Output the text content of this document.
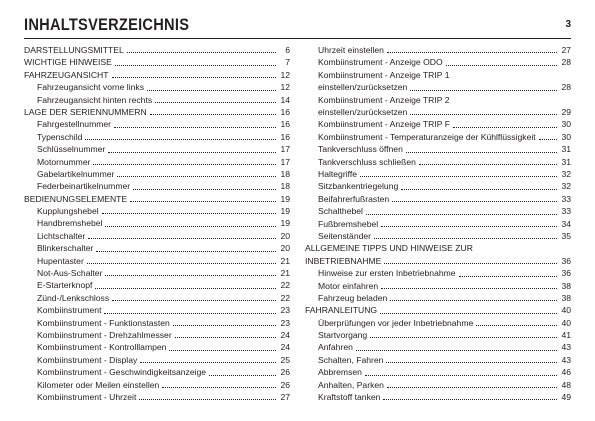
INHALTSVERZEICHNIS	3
DARSTELLUNGSMITTEL	6
WICHTIGE HINWEISE	7
FAHRZEUGANSICHT	12
Fahrzeugansicht vorne links	12
Fahrzeugansicht hinten rechts	14
LAGE DER SERIENNUMMERN	16
Fahrgestellnummer	16
Typenschild	16
Schlüsselnummer	17
Motornummer	17
Gabelartikelnummer	18
Federbeinartikelnummer	18
BEDIENUNGSELEMENTE	19
Kupplungshebel	19
Handbremshebel	19
Lichtschalter	20
Blinkerschalter	20
Hupentaster	21
Not-Aus-Schalter	21
E-Starterknopf	22
Zünd-/Lenkschloss	22
Kombiinstrument	23
Kombiinstrument - Funktionstasten	23
Kombiinstrument - Drehzahlmesser	24
Kombiinstrument - Kontrolllampen	24
Kombiinstrument - Display	25
Kombiinstrument - Geschwindigkeitsanzeige	26
Kilometer oder Meilen einstellen	26
Kombiinstrument - Uhrzeit	27
Uhrzeit einstellen	27
Kombiinstrument - Anzeige ODO	28
Kombiinstrument - Anzeige TRIP 1
einstellen/zurücksetzen	28
Kombiinstrument - Anzeige TRIP 2
einstellen/zurücksetzen	29
Kombiinstrument - Anzeige TRIP F	30
Kombiinstrument - Temperaturanzeige der Kühlflüssigkeit	30
Tankverschluss öffnen	31
Tankverschluss schließen	31
Haltegriffe	32
Sitzbankentriegelung	32
Beifahrerfußrasten	33
Schalthebel	33
Fußbremshebel	34
Seitenständer	35
ALLGEMEINE TIPPS UND HINWEISE ZUR
INBETRIEBNAHME	36
Hinweise zur ersten Inbetriebnahme	36
Motor einfahren	38
Fahrzeug beladen	38
FAHRANLEITUNG	40
Überprüfungen vor jeder Inbetriebnahme	40
Startvorgang	41
Anfahren	43
Schalten, Fahren	43
Abbremsen	46
Anhalten, Parken	48
Kraftstoff tanken	49
